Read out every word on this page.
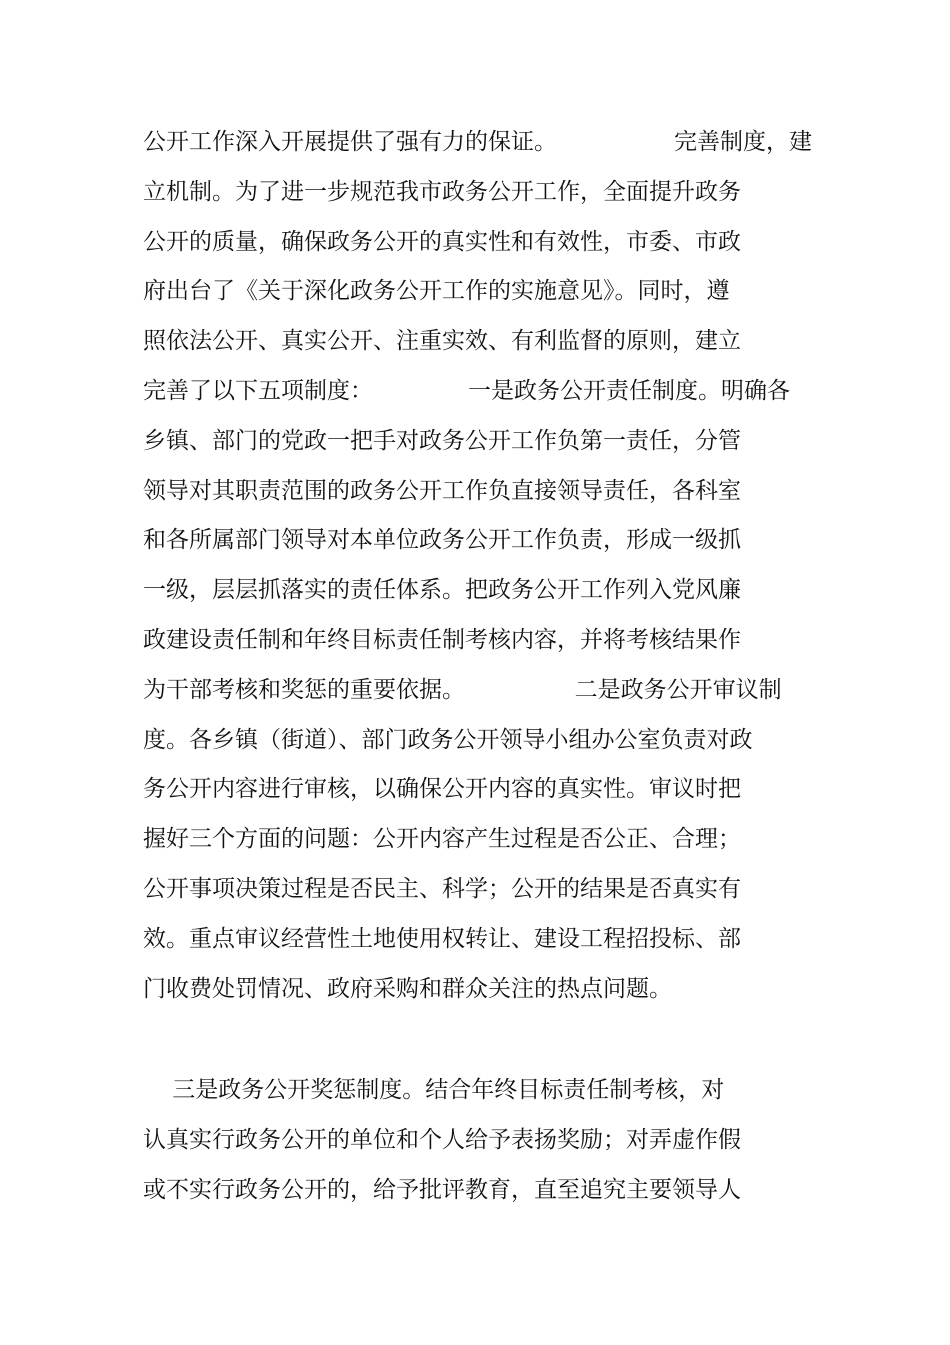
公开工作深入开展提供了强有力的保证。                完善制度，建
立机制。为了进一步规范我市政务公开工作，全面提升政务
公开的质量，确保政务公开的真实性和有效性，市委、市政
府出台了《关于深化政务公开工作的实施意见》。同时，遵
照依法公开、真实公开、注重实效、有利监督的原则，建立
完善了以下五项制度：             一是政务公开责任制度。明确各
乡镇、部门的党政一把手对政务公开工作负第一责任，分管
领导对其职责范围的政务公开工作负直接领导责任，各科室
和各所属部门领导对本单位政务公开工作负责，形成一级抓
一级，层层抓落实的责任体系。把政务公开工作列入党风廉
政建设责任制和年终目标责任制考核内容，并将考核结果作
为干部考核和奖惩的重要依据。               二是政务公开审议制
度。各乡镇（街道）、部门政务公开领导小组办公室负责对政
务公开内容进行审核，以确保公开内容的真实性。审议时把
握好三个方面的问题：公开内容产生过程是否公正、合理；
公开事项决策过程是否民主、科学；公开的结果是否真实有
效。重点审议经营性土地使用权转让、建设工程招投标、部
门收费处罚情况、政府采购和群众关注的热点问题。
三是政务公开奖惩制度。结合年终目标责任制考核，对
认真实行政务公开的单位和个人给予表扬奖励；对弄虚作假
或不实行政务公开的，给予批评教育，直至追究主要领导人
